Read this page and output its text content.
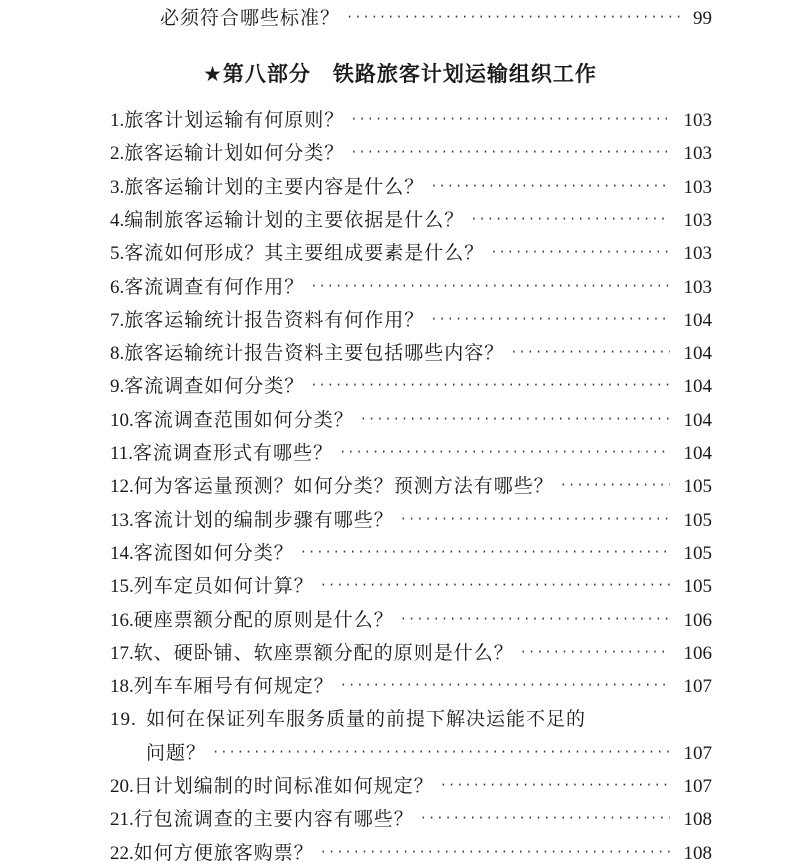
必须符合哪些标准？ ·····	99
★第八部分 铁路旅客计划运输组织工作
1. 旅客计划运输有何原则？ ·····	103
2. 旅客运输计划如何分类？ ·····	103
3. 旅客运输计划的主要内容是什么？ ·····	103
4. 编制旅客运输计划的主要依据是什么？ ·····	103
5. 客流如何形成？其主要组成要素是什么？ ·····	103
6. 客流调查有何作用？ ·····	103
7. 旅客运输统计报告资料有何作用？ ·····	104
8. 旅客运输统计报告资料主要包括哪些内容？ ·····	104
9. 客流调查如何分类？ ·····	104
10. 客流调查范围如何分类？ ·····	104
11. 客流调查形式有哪些？ ·····	104
12. 何为客运量预测？如何分类？预测方法有哪些？ ·····	105
13. 客流计划的编制步骤有哪些？ ·····	105
14. 客流图如何分类？ ·····	105
15. 列车定员如何计算？ ·····	105
16. 硬座票额分配的原则是什么？ ·····	106
17. 软、硬卧铺、软座票额分配的原则是什么？ ·····	106
18. 列车车厢号有何规定？ ·····	107
19. 如何在保证列车服务质量的前提下解决运能不足的
问题？ ·····	107
20. 日计划编制的时间标准如何规定？ ·····	107
21. 行包流调查的主要内容有哪些？ ·····	108
22. 如何方便旅客购票？ ·····	108
